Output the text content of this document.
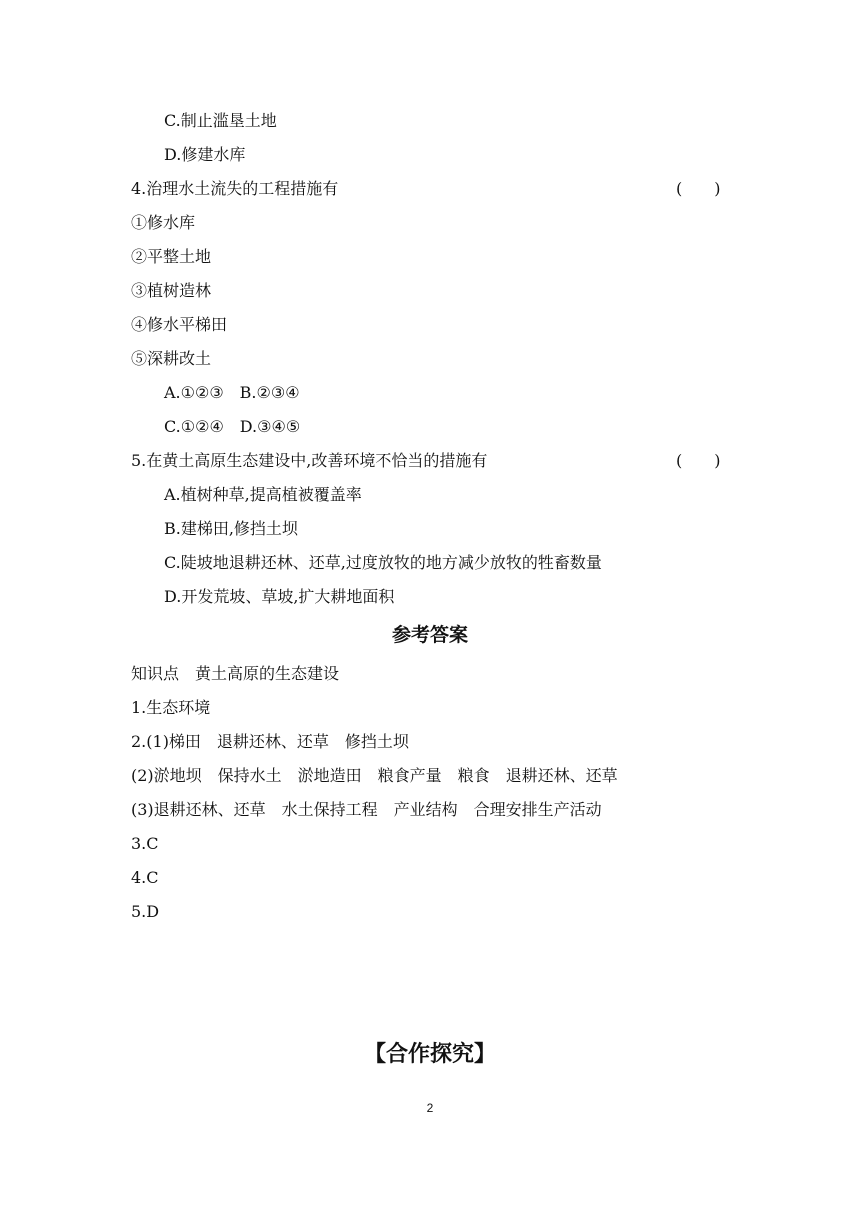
C.制止滥垦土地
D.修建水库
4.治理水土流失的工程措施有	(　　)
①修水库
②平整土地
③植树造林
④修水平梯田
⑤深耕改土
A.①②③　B.②③④
C.①②④　D.③④⑤
5.在黄土高原生态建设中,改善环境不恰当的措施有	(　　)
A.植树种草,提高植被覆盖率
B.建梯田,修挡土坝
C.陡坡地退耕还林、还草,过度放牧的地方减少放牧的牲畜数量
D.开发荒坡、草坡,扩大耕地面积
参考答案
知识点　黄土高原的生态建设
1.生态环境
2.(1)梯田　退耕还林、还草　修挡土坝
(2)淤地坝　保持水土　淤地造田　粮食产量　粮食　退耕还林、还草
(3)退耕还林、还草　水土保持工程　产业结构　合理安排生产活动
3.C
4.C
5.D
【合作探究】
2
